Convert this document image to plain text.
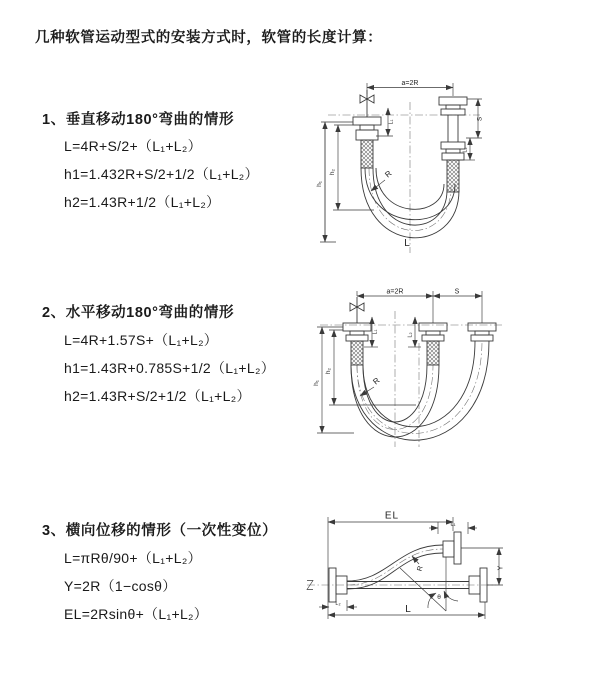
几种软管运动型式的安装方式时，软管的长度计算：
1、垂直移动180°弯曲的情形
L=4R+S/2+（L₁+L₂）
h1=1.432R+S/2+1/2（L₁+L₂）
h2=1.43R+1/2（L₁+L₂）
2、水平移动180°弯曲的情形
L=4R+1.57S+（L₁+L₂）
h1=1.43R+0.785S+1/2（L₁+L₂）
h2=1.43R+S/2+1/2（L₁+L₂）
3、横向位移的情形（一次性变位）
L=πRθ/90+（L₁+L₂）
Y=2R（1−cosθ）
EL=2Rsinθ+（L₁+L₂）
a=2R
h₁
h₂
L₁
S
L₂
R
L
a=2R	S
h₁
h₂
L₁
L₂
R
θ
R
EL
L₁
Y
L
L₂
